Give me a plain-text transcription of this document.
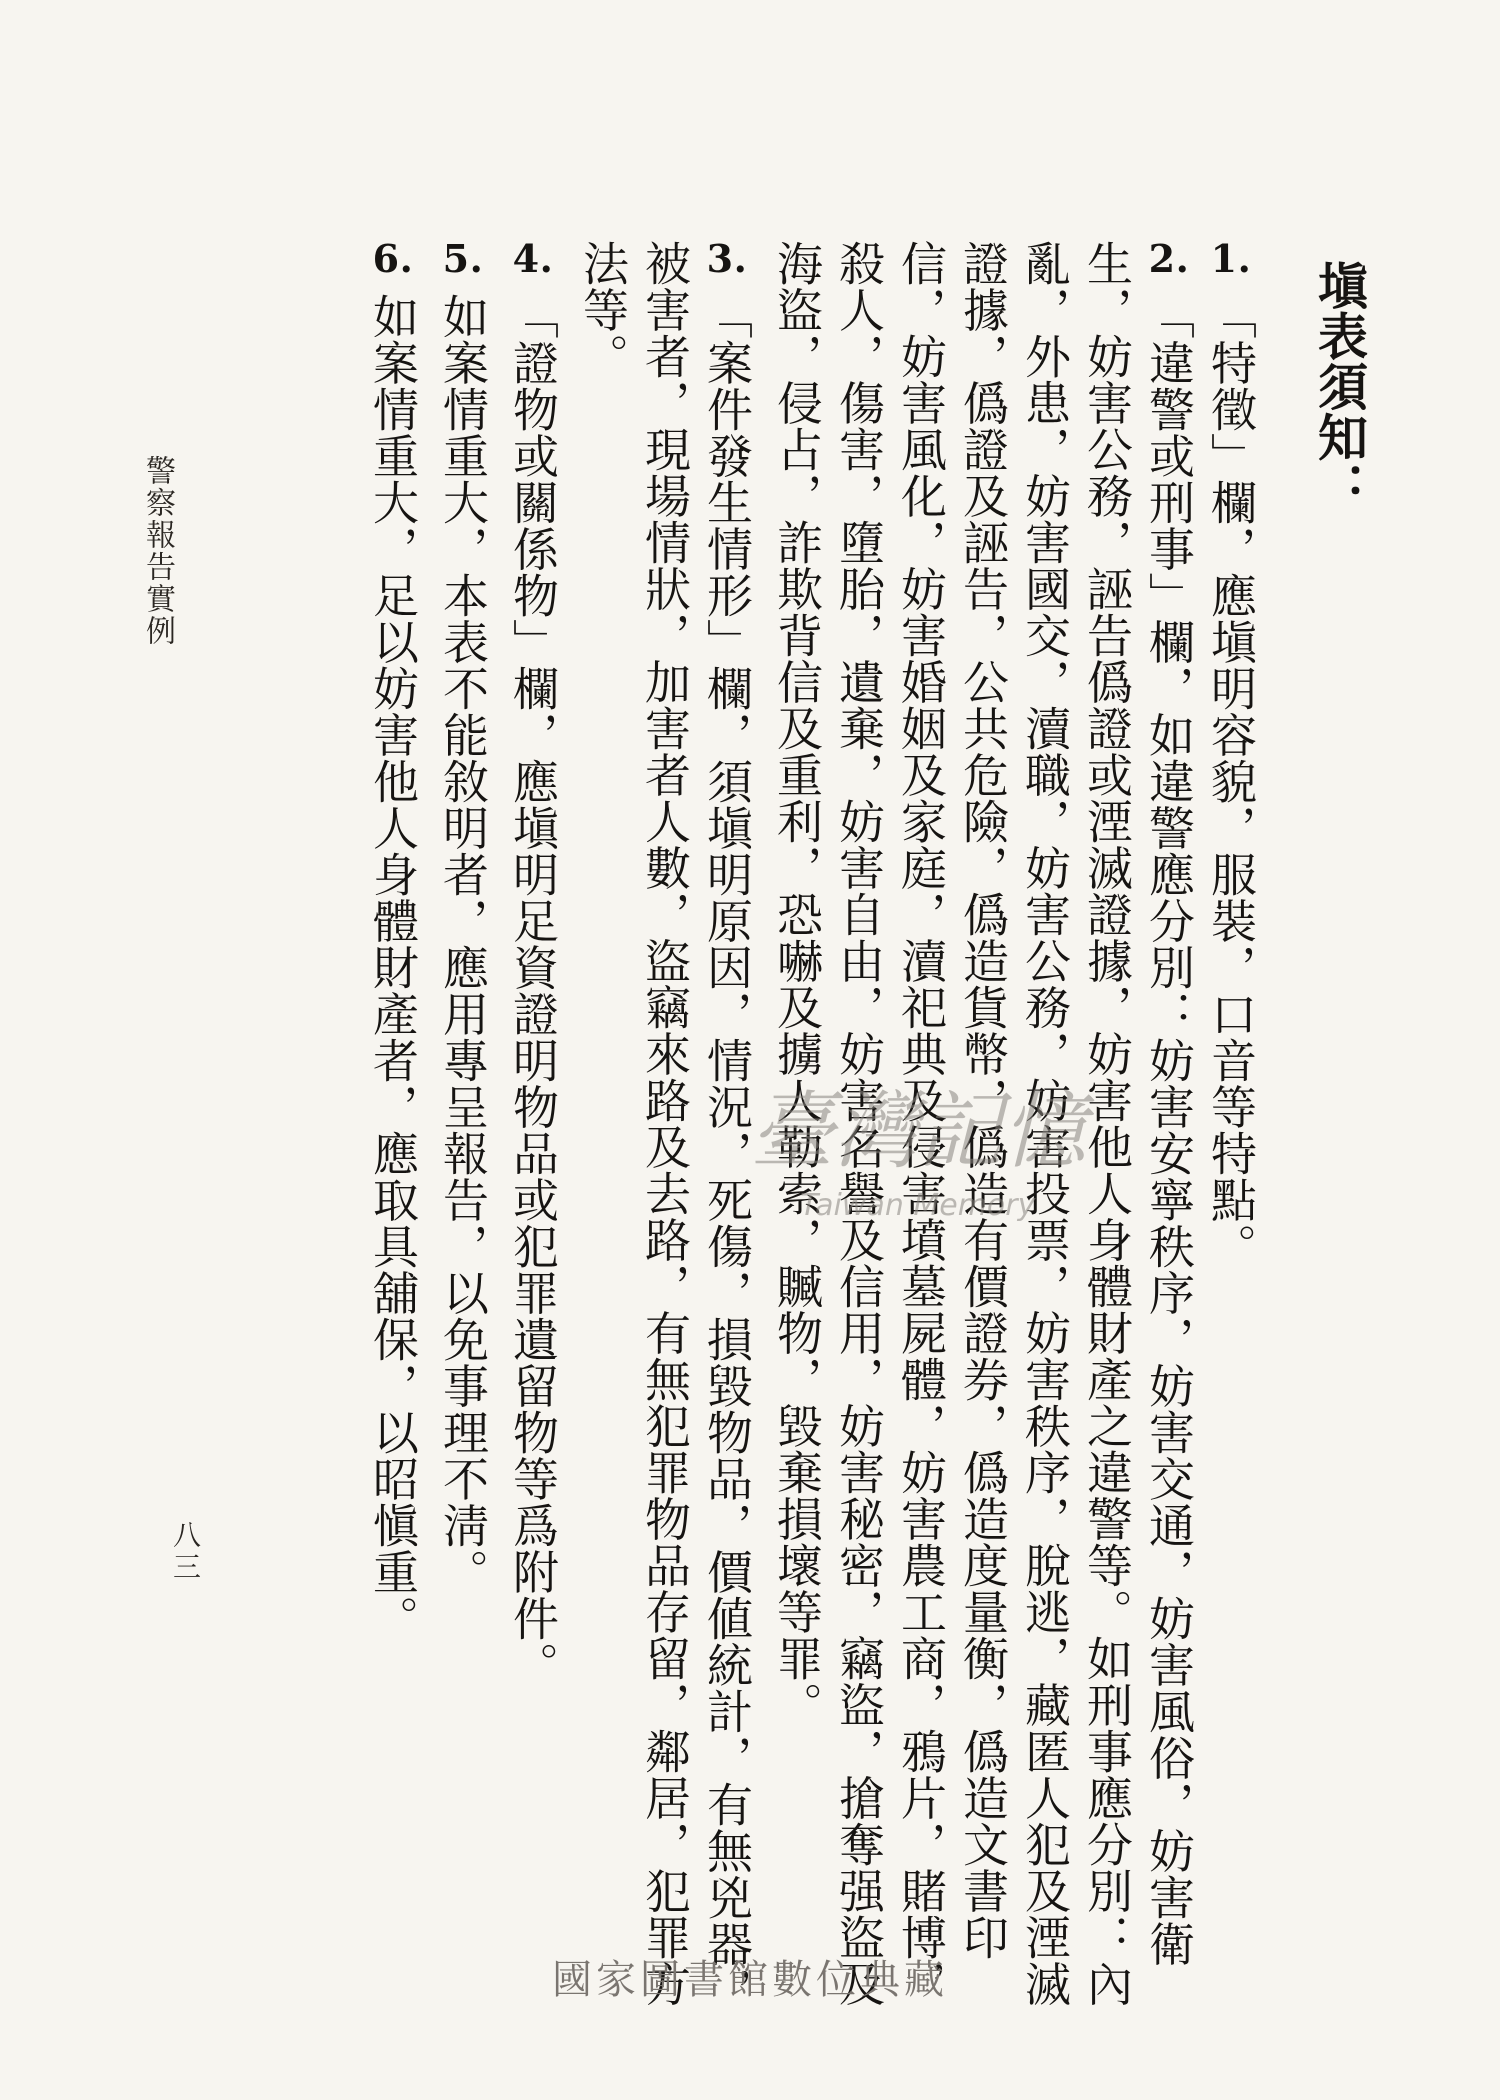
塡表須知：
1. 「特徵」欄，應塡明容貌，服裝，口音等特點。
2. 「違警或刑事」欄，如違警應分別：妨害安寧秩序，妨害交通，妨害風俗，妨害衛生，妨害公務，誣告僞證或湮滅證據，妨害他人身體財產之違警等。如刑事應分別：內亂，外患，妨害國交，瀆職，妨害公務，妨害投票，妨害秩序，脫逃，藏匿人犯及湮滅證據，僞證及誣告，公共危險，僞造貨幣，僞造有價證券，僞造度量衡，僞造文書印信，妨害風化，妨害婚姻及家庭，瀆祀典及侵害墳墓屍體，妨害農工商，鴉片，賭博，殺人，傷害，墮胎，遺棄，妨害自由，妨害名譽及信用，妨害秘密，竊盜，搶奪强盜及海盜，侵占，詐欺背信及重利，恐嚇及擄人勒索，贓物，毀棄損壞等罪。
3. 「案件發生情形」欄，須塡明原因，情況，死傷，損毀物品，價値統計，有無兇器，被害者，現場情狀，加害者人數，盜竊來路及去路，有無犯罪物品存留，鄰居，犯罪方法等。
4. 「證物或關係物」欄，應塡明足資證明物品或犯罪遺留物等爲附件。
5. 如案情重大，本表不能敘明者，應用專呈報告，以免事理不淸。
6. 如案情重大，足以妨害他人身體財產者，應取具舖保，以昭愼重。
警察報告實例
八三
臺灣記憶
Taiwan Memory
國家圖書館數位典藏
